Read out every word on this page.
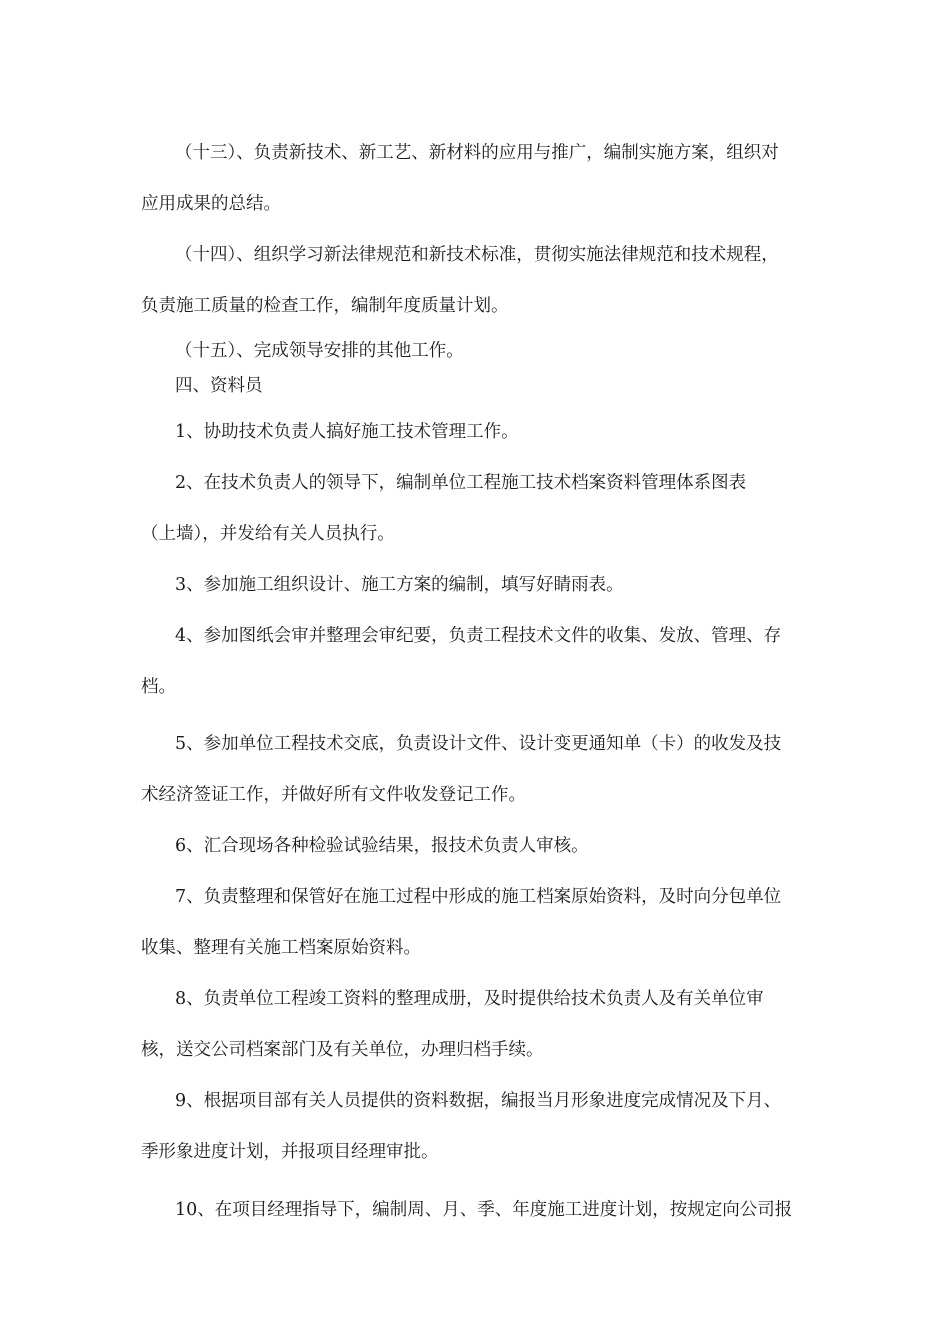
（十三）、负责新技术、新工艺、新材料的应用与推广，编制实施方案，组织对
应用成果的总结。
（十四）、组织学习新法律规范和新技术标准，贯彻实施法律规范和技术规程，
负责施工质量的检查工作，编制年度质量计划。
（十五）、完成领导安排的其他工作。
四、资料员
1、协助技术负责人搞好施工技术管理工作。
2、在技术负责人的领导下，编制单位工程施工技术档案资料管理体系图表
（上墙），并发给有关人员执行。
3、参加施工组织设计、施工方案的编制，填写好睛雨表。
4、参加图纸会审并整理会审纪要，负责工程技术文件的收集、发放、管理、存
档。
5、参加单位工程技术交底，负责设计文件、设计变更通知单（卡）的收发及技
术经济签证工作，并做好所有文件收发登记工作。
6、汇合现场各种检验试验结果，报技术负责人审核。
7、负责整理和保管好在施工过程中形成的施工档案原始资料，及时向分包单位
收集、整理有关施工档案原始资料。
8、负责单位工程竣工资料的整理成册，及时提供给技术负责人及有关单位审
核，送交公司档案部门及有关单位，办理归档手续。
9、根据项目部有关人员提供的资料数据，编报当月形象进度完成情况及下月、
季形象进度计划，并报项目经理审批。
10、在项目经理指导下，编制周、月、季、年度施工进度计划，按规定向公司报
